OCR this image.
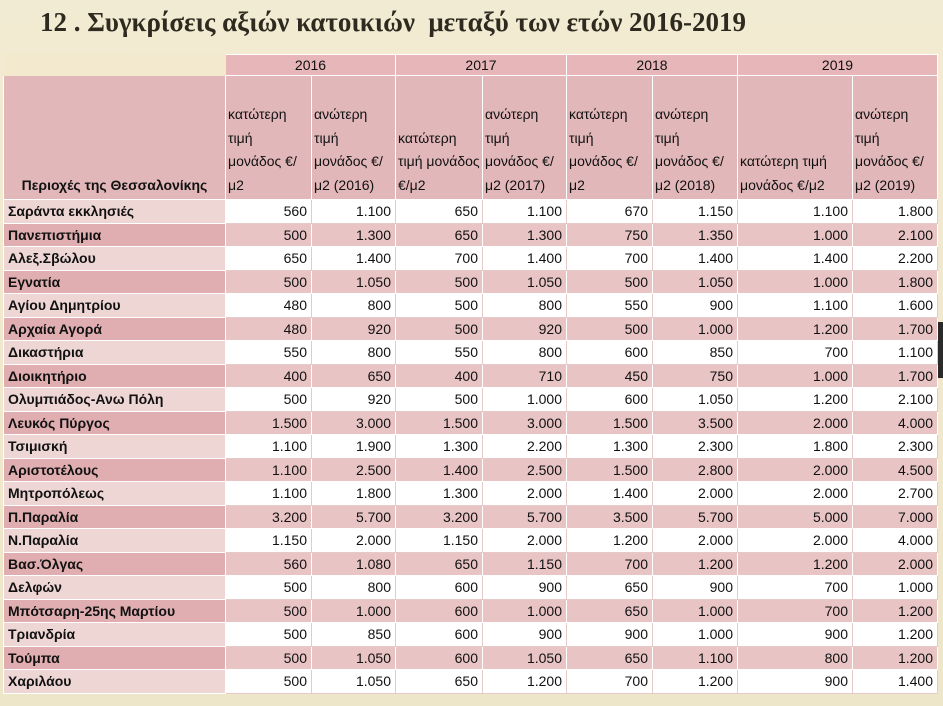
12 . Συγκρίσεις αξιών κατοικιών  μεταξύ των ετών 2016-2019
	2016		2017		2018		2019	
Περιοχές της Θεσσαλονίκης	κατώτερη τιμή μονάδος €/μ2	ανώτερη τιμή μονάδος €/μ2 (2016)	κατώτερη τιμή μονάδος €/μ2	ανώτερη τιμή μονάδος €/μ2 (2017)	κατώτερη τιμή μονάδος €/μ2	ανώτερη τιμή μονάδος €/μ2 (2018)	κατώτερη τιμή μονάδος €/μ2	ανώτερη τιμή μονάδος €/μ2 (2019)
Σαράντα εκκλησιές	560	1.100	650	1.100	670	1.150	1.100	1.800
Πανεπιστήμια	500	1.300	650	1.300	750	1.350	1.000	2.100
Αλεξ.Σβώλου	650	1.400	700	1.400	700	1.400	1.400	2.200
Εγνατία	500	1.050	500	1.050	500	1.050	1.000	1.800
Αγίου Δημητρίου	480	800	500	800	550	900	1.100	1.600
Αρχαία Αγορά	480	920	500	920	500	1.000	1.200	1.700
Δικαστήρια	550	800	550	800	600	850	700	1.100
Διοικητήριο	400	650	400	710	450	750	1.000	1.700
Ολυμπιάδος-Ανω Πόλη	500	920	500	1.000	600	1.050	1.200	2.100
Λευκός Πύργος	1.500	3.000	1.500	3.000	1.500	3.500	2.000	4.000
Τσιμισκή	1.100	1.900	1.300	2.200	1.300	2.300	1.800	2.300
Αριστοτέλους	1.100	2.500	1.400	2.500	1.500	2.800	2.000	4.500
Μητροπόλεως	1.100	1.800	1.300	2.000	1.400	2.000	2.000	2.700
Π.Παραλία	3.200	5.700	3.200	5.700	3.500	5.700	5.000	7.000
Ν.Παραλία	1.150	2.000	1.150	2.000	1.200	2.000	2.000	4.000
Βασ.Όλγας	560	1.080	650	1.150	700	1.200	1.200	2.000
Δελφών	500	800	600	900	650	900	700	1.000
Μπότσαρη-25ης Μαρτίου	500	1.000	600	1.000	650	1.000	700	1.200
Τριανδρία	500	850	600	900	900	1.000	900	1.200
Τούμπα	500	1.050	600	1.050	650	1.100	800	1.200
Χαριλάου	500	1.050	650	1.200	700	1.200	900	1.400
